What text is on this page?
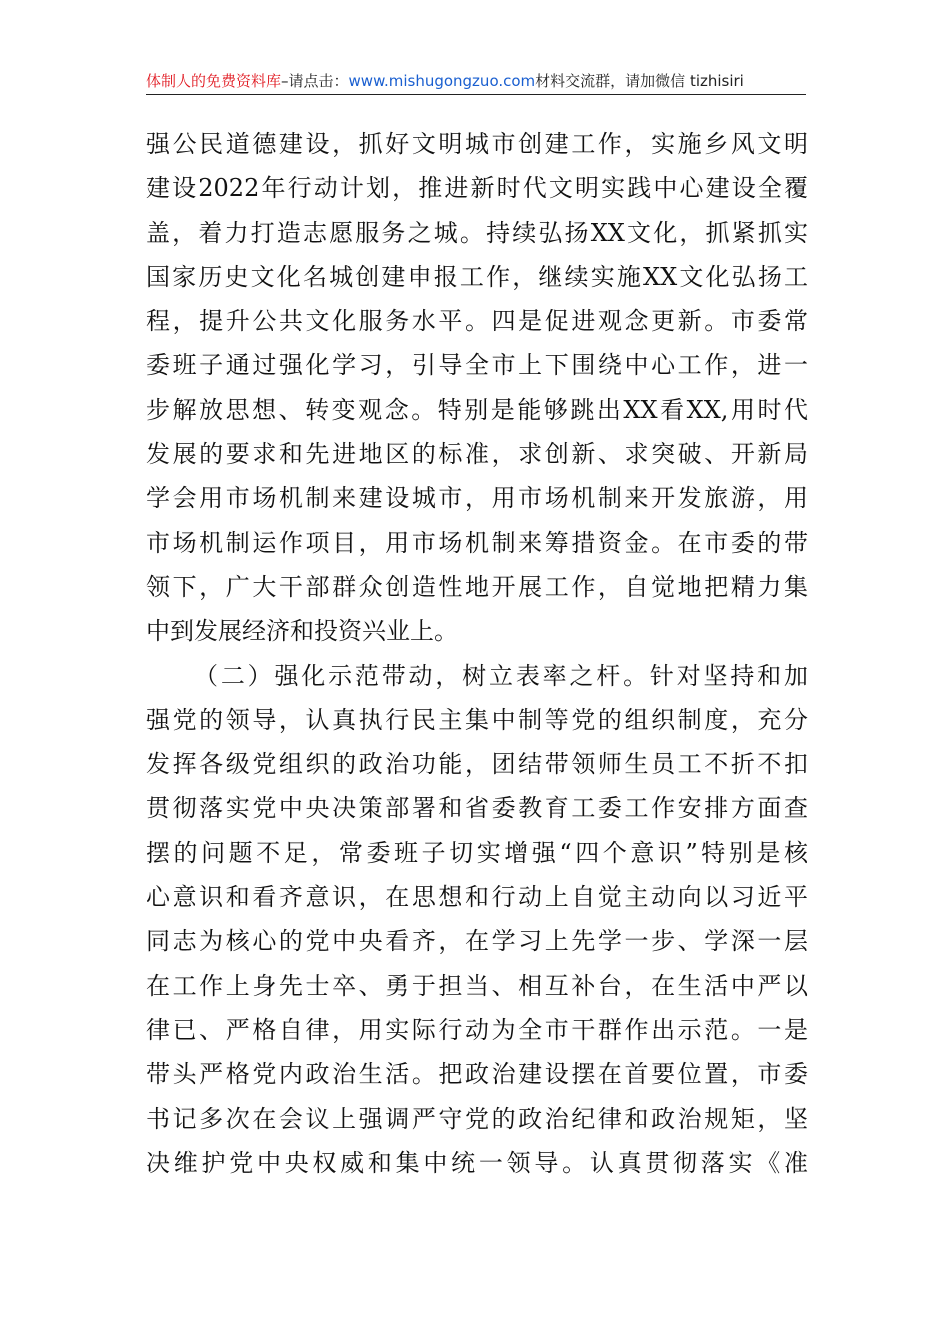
体制人的免费资料库–请点击：www.mishugongzuo.com材料交流群，请加微信 tizhisiri
强公民道德建设，抓好文明城市创建工作，实施乡风文明
建设2022年行动计划，推进新时代文明实践中心建设全覆
盖，着力打造志愿服务之城。持续弘扬XX文化，抓紧抓实
国家历史文化名城创建申报工作，继续实施XX文化弘扬工
程，提升公共文化服务水平。四是促进观念更新。市委常
委班子通过强化学习，引导全市上下围绕中心工作，进一
步解放思想、转变观念。特别是能够跳出XX看XX,用时代
发展的要求和先进地区的标准，求创新、求突破、开新局
学会用市场机制来建设城市，用市场机制来开发旅游，用
市场机制运作项目，用市场机制来筹措资金。在市委的带
领下，广大干部群众创造性地开展工作，自觉地把精力集
中到发展经济和投资兴业上。
（二）强化示范带动，树立表率之杆。针对坚持和加
强党的领导，认真执行民主集中制等党的组织制度，充分
发挥各级党组织的政治功能，团结带领师生员工不折不扣
贯彻落实党中央决策部署和省委教育工委工作安排方面查
摆的问题不足，常委班子切实增强“四个意识”特别是核
心意识和看齐意识，在思想和行动上自觉主动向以习近平
同志为核心的党中央看齐，在学习上先学一步、学深一层
在工作上身先士卒、勇于担当、相互补台，在生活中严以
律已、严格自律，用实际行动为全市干群作出示范。一是
带头严格党内政治生活。把政治建设摆在首要位置，市委
书记多次在会议上强调严守党的政治纪律和政治规矩，坚
决维护党中央权威和集中统一领导。认真贯彻落实《准
